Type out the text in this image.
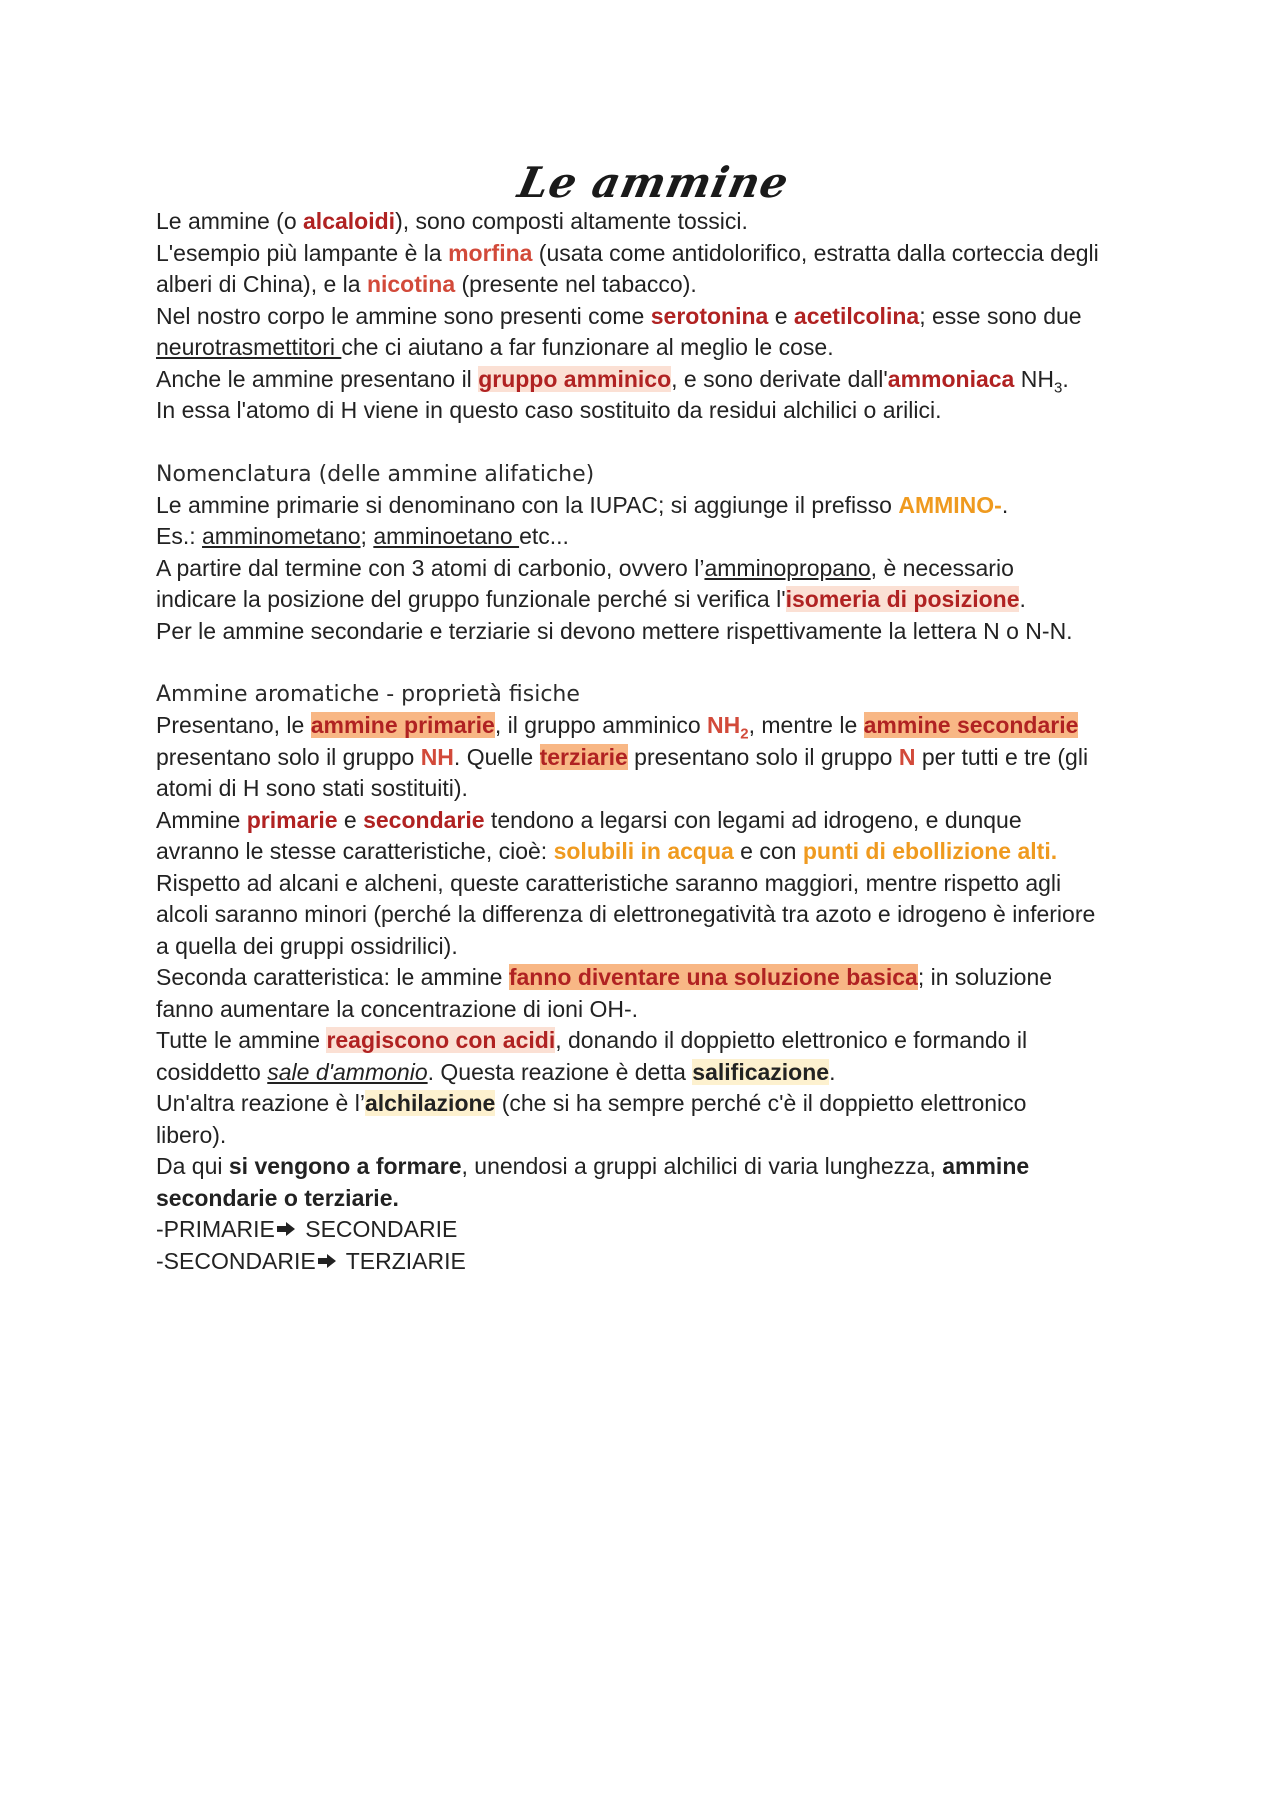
Le ammine
Le ammine (o alcaloidi), sono composti altamente tossici.
L'esempio più lampante è la morfina (usata come antidolorifico, estratta dalla corteccia degli
alberi di China), e la nicotina (presente nel tabacco).
Nel nostro corpo le ammine sono presenti come serotonina e acetilcolina; esse sono due
neurotrasmettitori che ci aiutano a far funzionare al meglio le cose.
Anche le ammine presentano il gruppo amminico, e sono derivate dall'ammoniaca $NH_3$.
In essa l'atomo di H viene in questo caso sostituito da residui alchilici o arilici.
Nomenclatura (delle ammine alifatiche)
Le ammine primarie si denominano con la IUPAC; si aggiunge il prefisso AMMINO-.
Es.: amminometano; amminoetano etc...
A partire dal termine con 3 atomi di carbonio, ovvero l’amminopropano, è necessario
indicare la posizione del gruppo funzionale perché si verifica l'isomeria di posizione.
Per le ammine secondarie e terziarie si devono mettere rispettivamente la lettera N o N-N.
Ammine aromatiche - proprietà fisiche
Presentano, le ammine primarie, il gruppo amminico $NH_2$, mentre le ammine secondarie
presentano solo il gruppo NH. Quelle terziarie presentano solo il gruppo N per tutti e tre (gli
atomi di H sono stati sostituiti).
Ammine primarie e secondarie tendono a legarsi con legami ad idrogeno, e dunque
avranno le stesse caratteristiche, cioè: solubili in acqua e con punti di ebollizione alti.
Rispetto ad alcani e alcheni, queste caratteristiche saranno maggiori, mentre rispetto agli
alcoli saranno minori (perché la differenza di elettronegatività tra azoto e idrogeno è inferiore
a quella dei gruppi ossidrilici).
Seconda caratteristica: le ammine fanno diventare una soluzione basica; in soluzione
fanno aumentare la concentrazione di ioni OH-.
Tutte le ammine reagiscono con acidi, donando il doppietto elettronico e formando il
cosiddetto sale d'ammonio. Questa reazione è detta salificazione.
Un'altra reazione è l’alchilazione (che si ha sempre perché c'è il doppietto elettronico
libero).
Da qui si vengono a formare, unendosi a gruppi alchilici di varia lunghezza, ammine
secondarie o terziarie.
-PRIMARIE SECONDARIE
-SECONDARIE TERZIARIE
